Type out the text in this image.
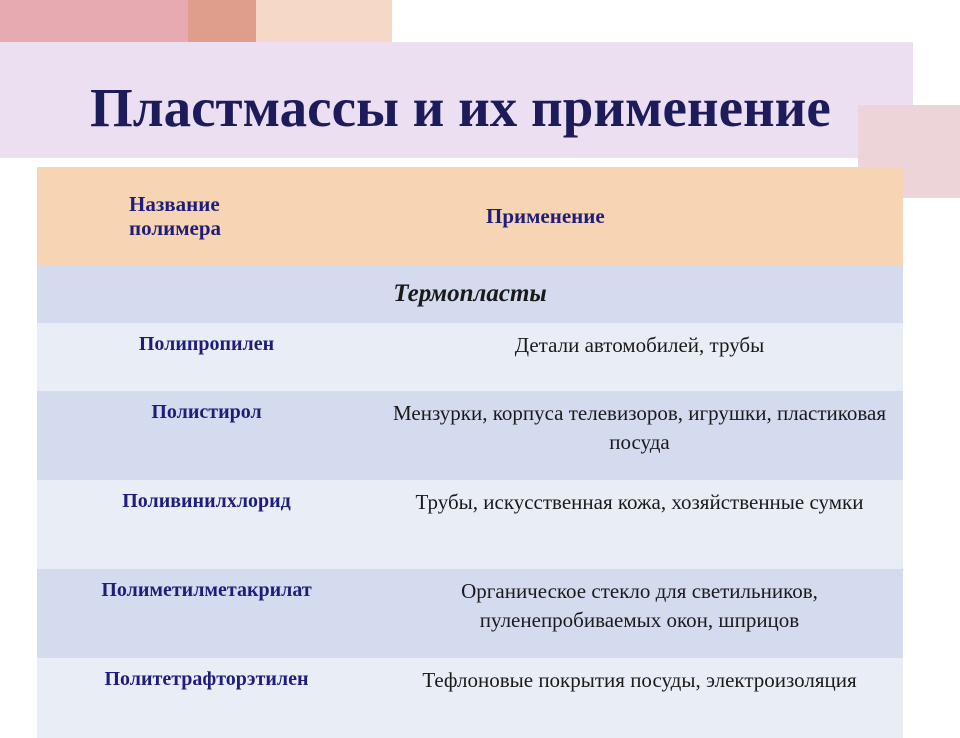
Пластмассы и их применение
Название полимера	Применение
Термопласты	
Полипропилен	Детали автомобилей, трубы
Полистирол	Мензурки, корпуса телевизоров, игрушки, пластиковая посуда
Поливинилхлорид	Трубы, искусственная кожа, хозяйственные сумки
Полиметилметакрилат	Органическое стекло для светильников, пуленепробиваемых окон, шприцов
Политетрафторэтилен	Тефлоновые покрытия посуды, электроизоляция
